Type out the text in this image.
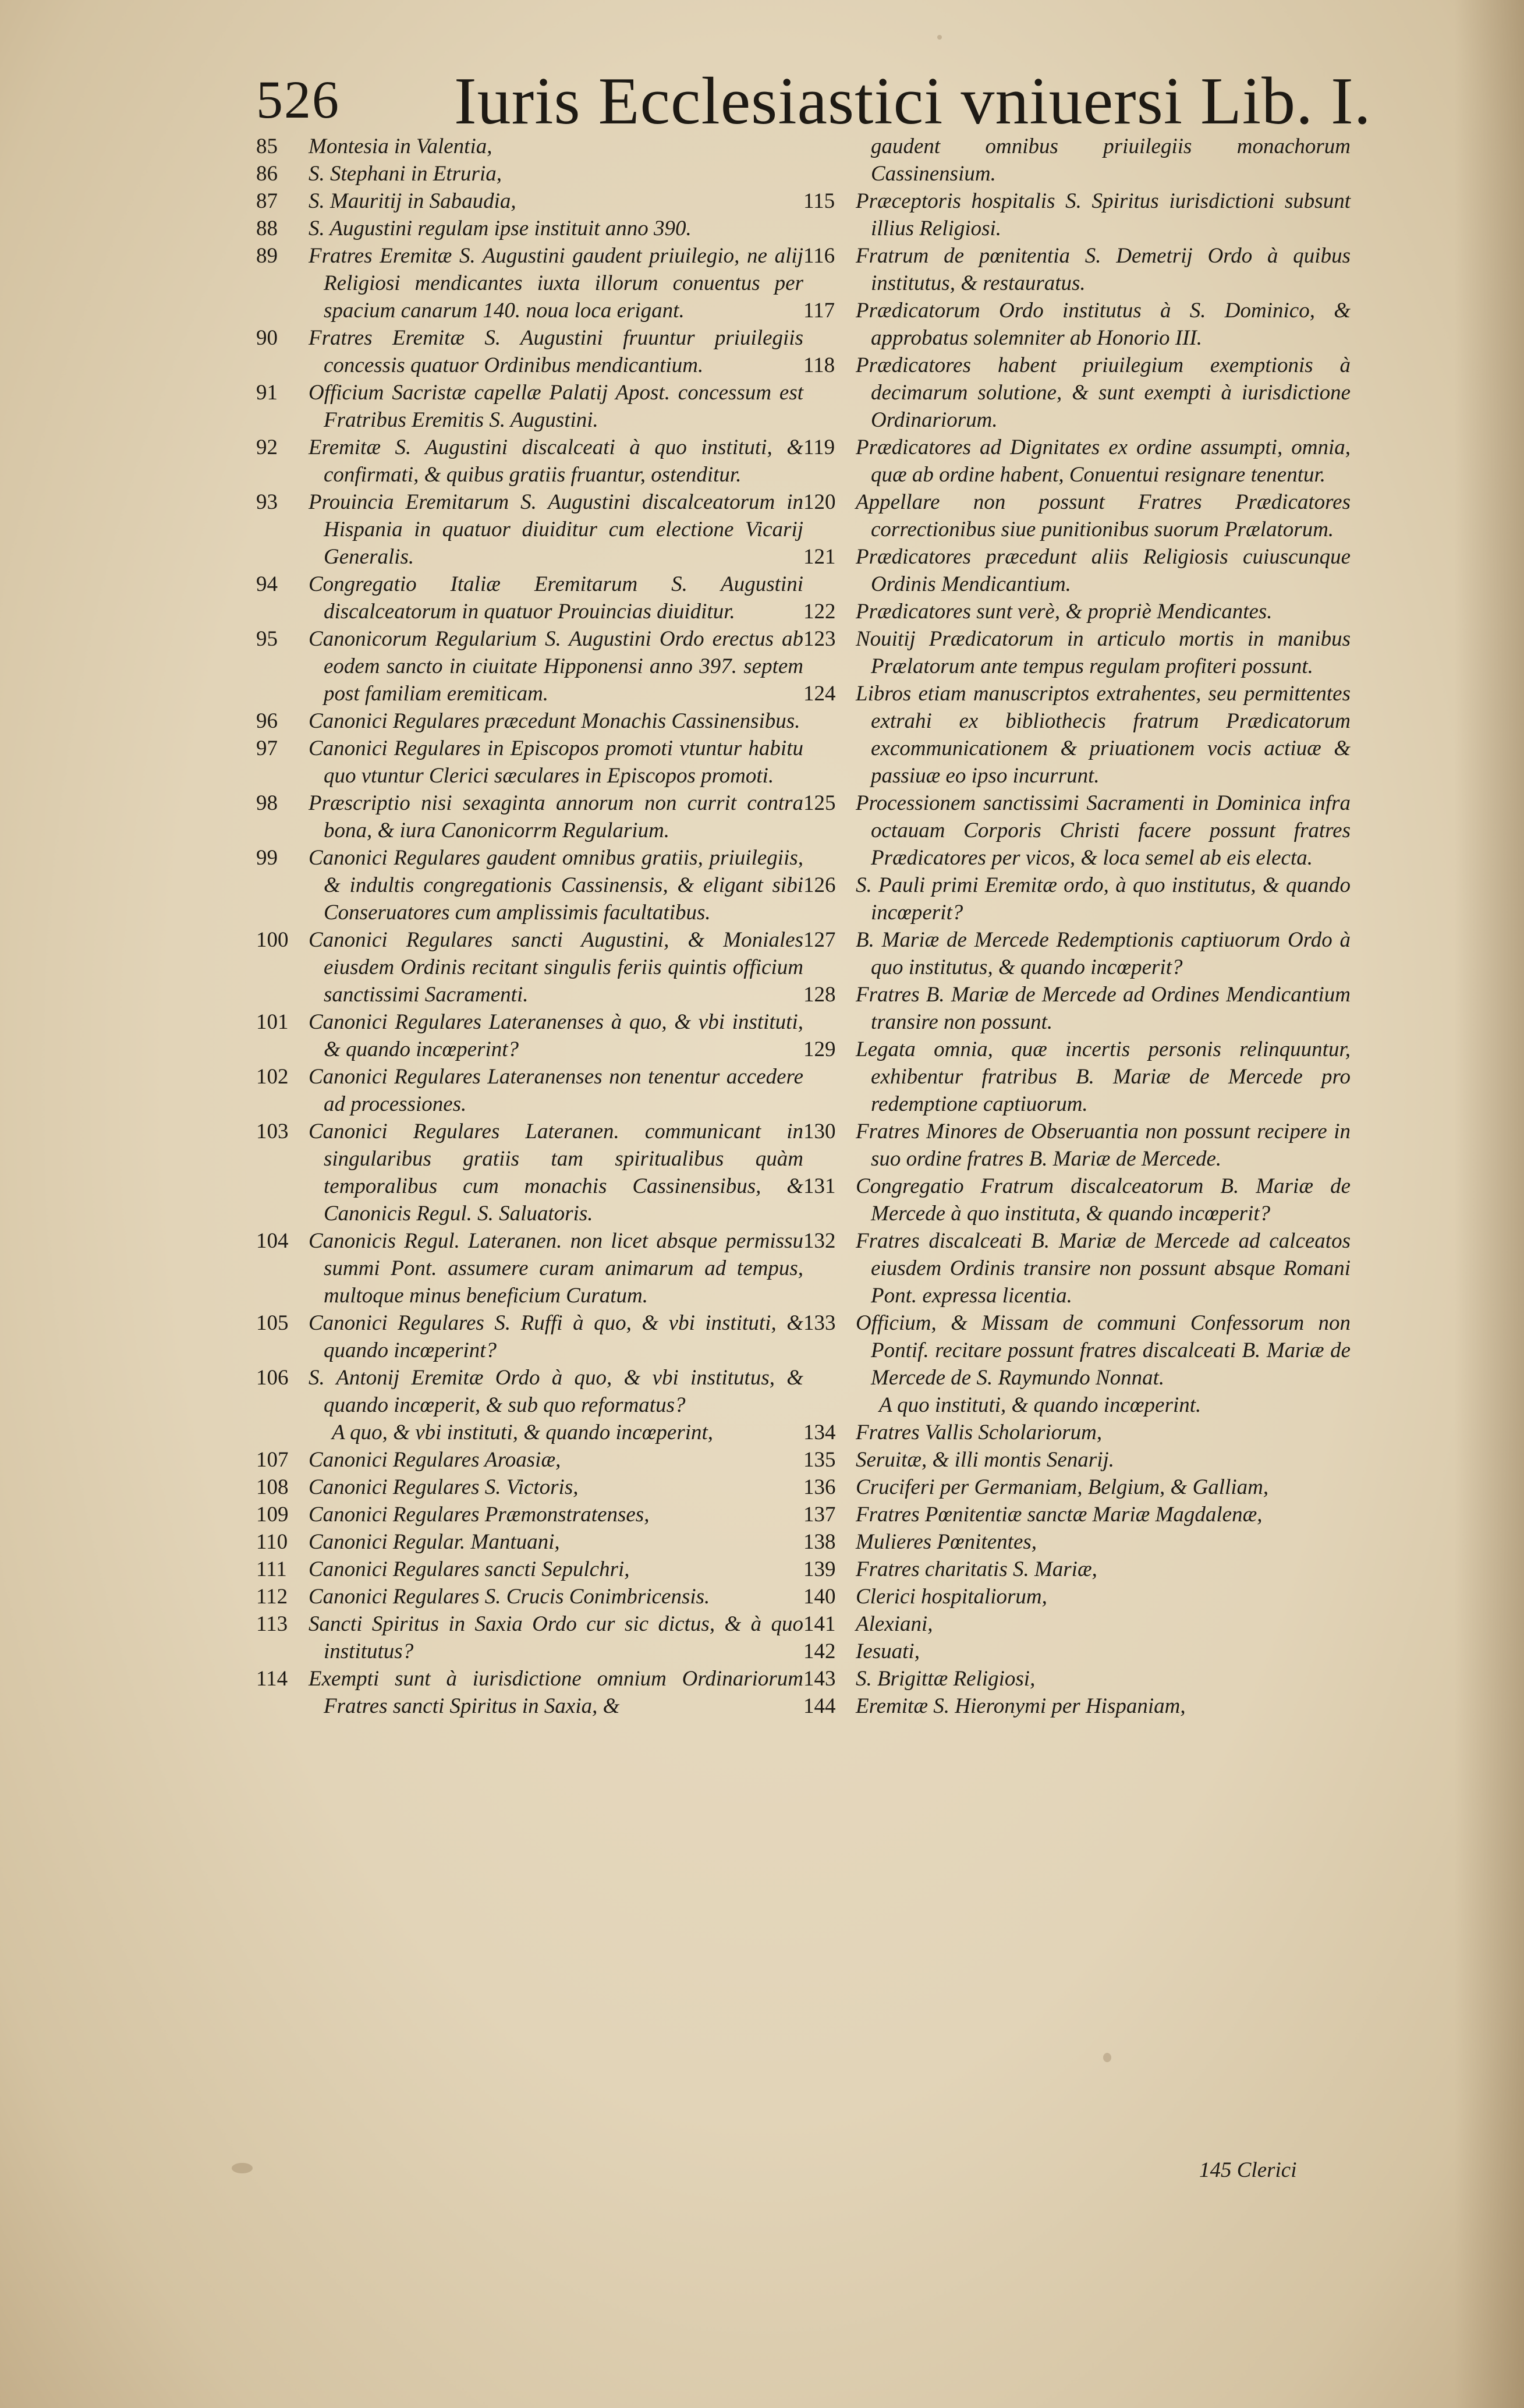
526 Iuris Ecclesiastici vniuersi Lib. I.
85	Montesia in Valentia,
86	S. Stephani in Etruria,
87	S. Mauritij in Sabaudia,
88	S. Augustini regulam ipse instituit anno 390.
89	Fratres Eremitæ S. Augustini gaudent priuilegio, ne alij Religiosi mendicantes iuxta illorum conuentus per spacium canarum 140. noua loca erigant.
90	Fratres Eremitæ S. Augustini fruuntur priuilegiis concessis quatuor Ordinibus mendicantium.
91	Officium Sacristæ capellæ Palatij Apost. concessum est Fratribus Eremitis S. Augustini.
92	Eremitæ S. Augustini discalceati à quo instituti, & confirmati, & quibus gratiis fruantur, ostenditur.
93	Prouincia Eremitarum S. Augustini discalceatorum in Hispania in quatuor diuiditur cum electione Vicarij Generalis.
94	Congregatio Italiæ Eremitarum S. Augustini discalceatorum in quatuor Prouincias diuiditur.
95	Canonicorum Regularium S. Augustini Ordo erectus ab eodem sancto in ciuitate Hipponensi anno 397. septem post familiam eremiticam.
96	Canonici Regulares præcedunt Monachis Cassinensibus.
97	Canonici Regulares in Episcopos promoti vtuntur habitu quo vtuntur Clerici sæculares in Episcopos promoti.
98	Præscriptio nisi sexaginta annorum non currit contra bona, & iura Canonicorrm Regularium.
99	Canonici Regulares gaudent omnibus gratiis, priuilegiis, & indultis congregationis Cassinensis, & eligant sibi Conseruatores cum amplissimis facultatibus.
100 Canonici Regulares sancti Augustini, & Moniales eiusdem Ordinis recitant singulis feriis quintis officium sanctissimi Sacramenti.
101 Canonici Regulares Lateranenses à quo, & vbi instituti, & quando incœperint?
102 Canonici Regulares Lateranenses non tenentur accedere ad processiones.
103 Canonici Regulares Lateranen. communicant in singularibus gratiis tam spiritualibus quàm temporalibus cum monachis Cassinensibus, & Canonicis Regul. S. Saluatoris.
104 Canonicis Regul. Lateranen. non licet absque permissu summi Pont. assumere curam animarum ad tempus, multoque minus beneficium Curatum.
105 Canonici Regulares S. Ruffi à quo, & vbi instituti, & quando incœperint?
106 S. Antonij Eremitæ Ordo à quo, & vbi institutus, & quando incœperit, & sub quo reformatus?
A quo, & vbi instituti, & quando incœperint,
107 Canonici Regulares Aroasiæ,
108 Canonici Regulares S. Victoris,
109 Canonici Regulares Præmonstratenses,
110 Canonici Regular. Mantuani,
111	Canonici Regulares sancti Sepulchri,
112 Canonici Regulares S. Crucis Conimbricensis.
113 Sancti Spiritus in Saxia Ordo cur sic dictus, & à quo institutus?
114 Exempti sunt à iurisdictione omnium Ordinariorum Fratres sancti Spiritus in Saxia, &
gaudent omnibus priuilegiis monachorum Cassinensium.
115 Præceptoris hospitalis S. Spiritus iurisdictioni subsunt illius Religiosi.
116 Fratrum de pœnitentia S. Demetrij Ordo à quibus institutus, & restauratus.
117 Prædicatorum Ordo institutus à S. Dominico, & approbatus solemniter ab Honorio III.
118 Prædicatores habent priuilegium exemptionis à decimarum solutione, & sunt exempti à iurisdictione Ordinariorum.
119 Prædicatores ad Dignitates ex ordine assumpti, omnia, quæ ab ordine habent, Conuentui resignare tenentur.
120 Appellare non possunt Fratres Prædicatores correctionibus siue punitionibus suorum Prælatorum.
121 Prædicatores præcedunt aliis Religiosis cuiuscunque Ordinis Mendicantium.
122 Prædicatores sunt verè, & propriè Mendicantes.
123 Nouitij Prædicatorum in articulo mortis in manibus Prælatorum ante tempus regulam profiteri possunt.
124 Libros etiam manuscriptos extrahentes, seu permittentes extrahi ex bibliothecis fratrum Prædicatorum excommunicationem & priuationem vocis actiuæ & passiuæ eo ipso incurrunt.
125 Processionem sanctissimi Sacramenti in Dominica infra octauam Corporis Christi facere possunt fratres Prædicatores per vicos, & loca semel ab eis electa.
126 S. Pauli primi Eremitæ ordo, à quo institutus, & quando incœperit?
127 B. Mariæ de Mercede Redemptionis captiuorum Ordo à quo institutus, & quando incœperit?
128 Fratres B. Mariæ de Mercede ad Ordines Mendicantium transire non possunt.
129 Legata omnia, quæ incertis personis relinquuntur, exhibentur fratribus B. Mariæ de Mercede pro redemptione captiuorum.
130 Fratres Minores de Obseruantia non possunt recipere in suo ordine fratres B. Mariæ de Mercede.
131 Congregatio Fratrum discalceatorum B. Mariæ de Mercede à quo instituta, & quando incœperit?
132 Fratres discalceati B. Mariæ de Mercede ad calceatos eiusdem Ordinis transire non possunt absque Romani Pont. expressa licentia.
133 Officium, & Missam de communi Confessorum non Pontif. recitare possunt fratres discalceati B. Mariæ de Mercede de S. Raymundo Nonnat.
A quo instituti, & quando incœperint.
134 Fratres Vallis Scholariorum,
135 Seruitæ, & illi montis Senarij.
136 Cruciferi per Germaniam, Belgium, & Galliam,
137 Fratres Pœnitentiæ sanctæ Mariæ Magdalenæ,
138 Mulieres Pœnitentes,
139 Fratres charitatis S. Mariæ,
140 Clerici hospitaliorum,
141 Alexiani,
142 Iesuati,
143 S. Brigittæ Religiosi,
144 Eremitæ S. Hieronymi per Hispaniam,
145 Clerici
